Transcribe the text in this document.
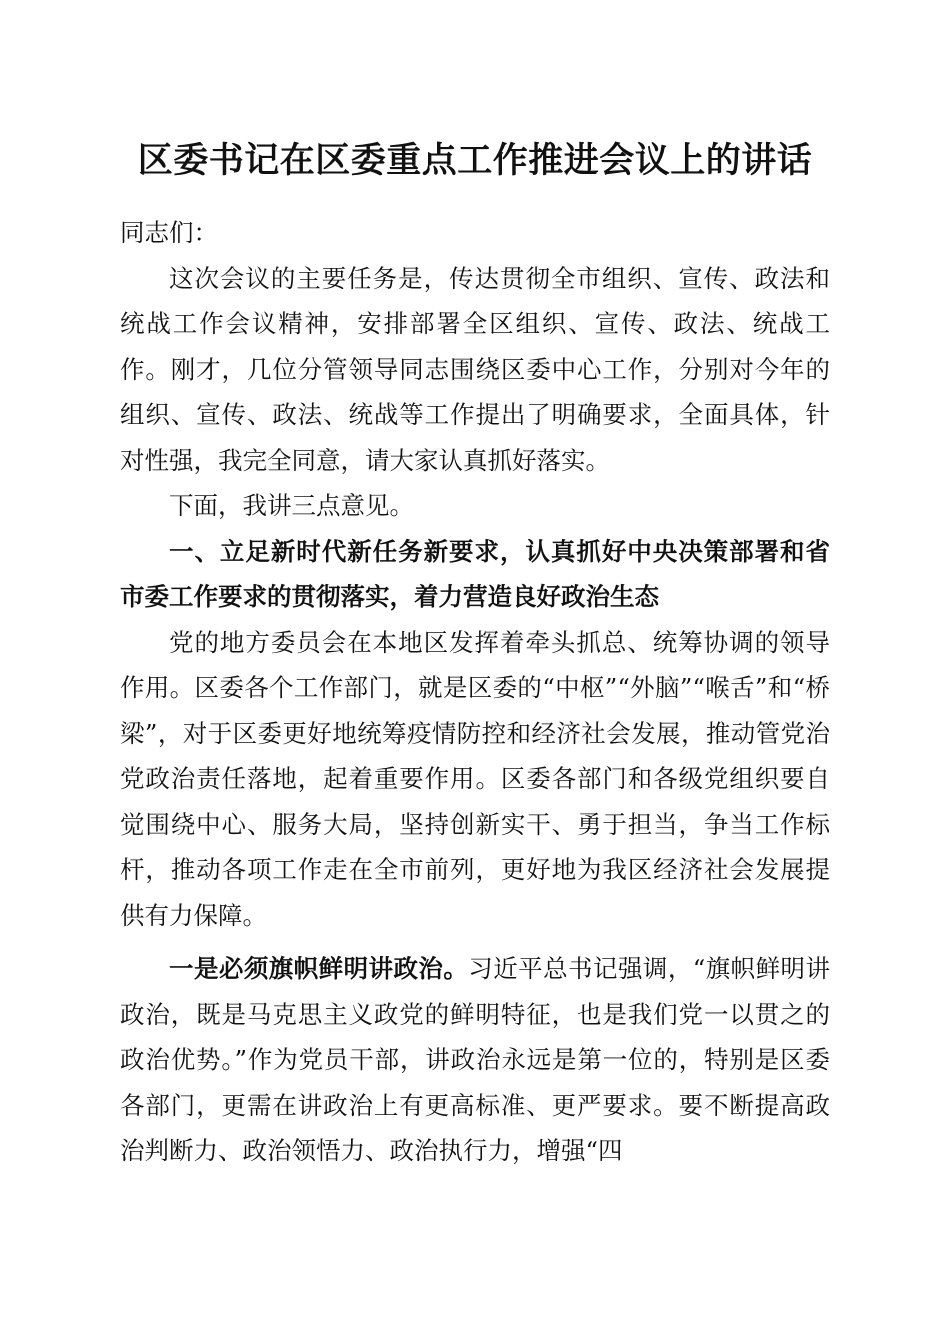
区委书记在区委重点工作推进会议上的讲话

同志们：

这次会议的主要任务是，传达贯彻全市组织、宣传、政法和统战工作会议精神，安排部署全区组织、宣传、政法、统战工作。刚才，几位分管领导同志围绕区委中心工作，分别对今年的组织、宣传、政法、统战等工作提出了明确要求，全面具体，针对性强，我完全同意，请大家认真抓好落实。

下面，我讲三点意见。

一、立足新时代新任务新要求，认真抓好中央决策部署和省市委工作要求的贯彻落实，着力营造良好政治生态

党的地方委员会在本地区发挥着牵头抓总、统筹协调的领导作用。区委各个工作部门，就是区委的“中枢”“外脑”“喉舌”和“桥梁”，对于区委更好地统筹疫情防控和经济社会发展，推动管党治党政治责任落地，起着重要作用。区委各部门和各级党组织要自觉围绕中心、服务大局，坚持创新实干、勇于担当，争当工作标杆，推动各项工作走在全市前列，更好地为我区经济社会发展提供有力保障。

一是必须旗帜鲜明讲政治。习近平总书记强调，“旗帜鲜明讲政治，既是马克思主义政党的鲜明特征，也是我们党一以贯之的政治优势。”作为党员干部，讲政治永远是第一位的，特别是区委各部门，更需在讲政治上有更高标准、更严要求。要不断提高政治判断力、政治领悟力、政治执行力，增强“四
